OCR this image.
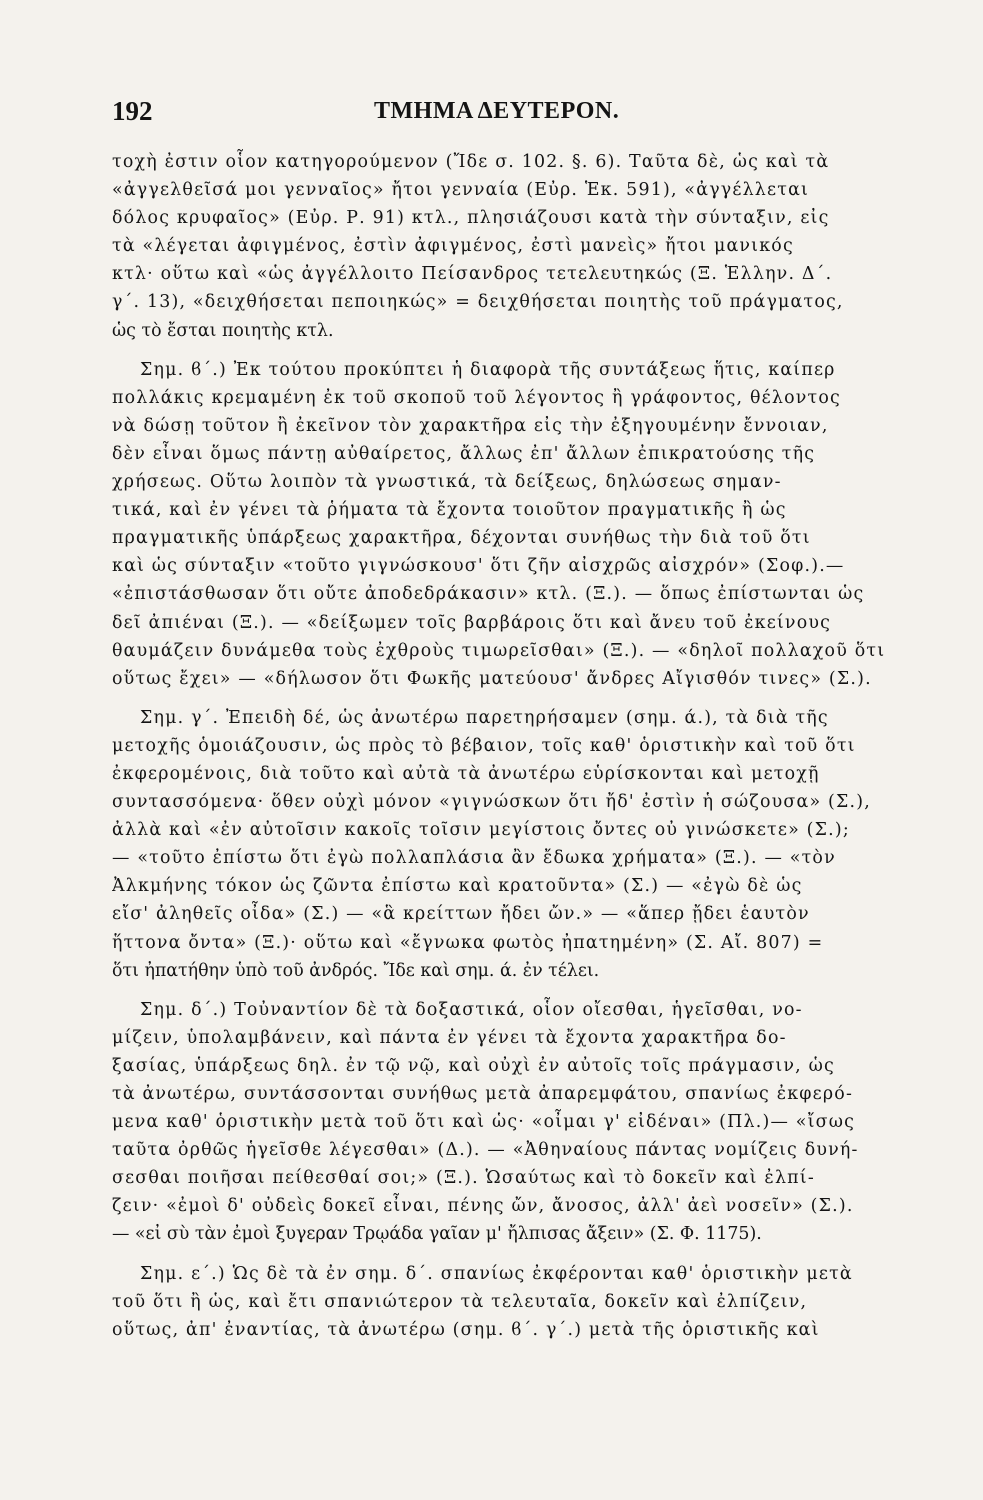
192	ΤΜΗΜΑ ΔΕΥΤΕΡΟΝ.
τοχὴ ἐστιν οἷον κατηγορούμενον (Ἴδε σ. 102. §. 6). Ταῦτα δὲ, ὡς καὶ τὰ
«ἀγγελθεῖσά μοι γενναῖος» ἤτοι γενναία (Εὐρ. Ἑκ. 591), «ἀγγέλλεται
δόλος κρυφαῖος» (Εὐρ. Ρ. 91) κτλ., πλησιάζουσι κατὰ τὴν σύνταξιν, εἰς
τὰ «λέγεται ἀφιγμένος, ἐστὶν ἀφιγμένος, ἐστὶ μανεὶς» ἤτοι μανικός
κτλ· οὕτω καὶ «ὡς ἀγγέλλοιτο Πείσανδρος τετελευτηκώς (Ξ. Ἑλλην. Δ΄.
γ΄. 13), «δειχθήσεται πεποιηκώς» = δειχθήσεται ποιητὴς τοῦ πράγματος,
ὡς τὸ ἔσται ποιητὴς κτλ.
Σημ. ϐ΄.) Ἐκ τούτου προκύπτει ἡ διαφορὰ τῆς συντάξεως ἥτις, καίπερ
πολλάκις κρεμαμένη ἐκ τοῦ σκοποῦ τοῦ λέγοντος ἢ γράφοντος, θέλοντος
νὰ δώσῃ τοῦτον ἢ ἐκεῖνον τὸν χαρακτῆρα εἰς τὴν ἐξηγουμένην ἔννοιαν,
δὲν εἶναι ὅμως πάντῃ αὐθαίρετος, ἄλλως ἐπ' ἄλλων ἐπικρατούσης τῆς
χρήσεως. Οὕτω λοιπὸν τὰ γνωστικά, τὰ δείξεως, δηλώσεως σημαν-
τικά, καὶ ἐν γένει τὰ ῥήματα τὰ ἔχοντα τοιοῦτον πραγματικῆς ἢ ὡς
πραγματικῆς ὑπάρξεως χαρακτῆρα, δέχονται συνήθως τὴν διὰ τοῦ ὅτι
καὶ ὡς σύνταξιν «τοῦτο γιγνώσκουσ' ὅτι ζῆν αἰσχρῶς αἰσχρόν» (Σοφ.).—
«ἐπιστάσθωσαν ὅτι οὔτε ἀποδεδράκασιν» κτλ. (Ξ.). — ὅπως ἐπίστωνται ὡς
δεῖ ἀπιέναι (Ξ.). — «δείξωμεν τοῖς βαρβάροις ὅτι καὶ ἄνευ τοῦ ἐκείνους
θαυμάζειν δυνάμεθα τοὺς ἐχθροὺς τιμωρεῖσθαι» (Ξ.). — «δηλοῖ πολλαχοῦ ὅτι
οὕτως ἔχει» — «δήλωσον ὅτι Φωκῆς ματεύουσ' ἄνδρες Αἴγισθόν τινες» (Σ.).
Σημ. γ΄. Ἐπειδὴ δέ, ὡς ἀνωτέρω παρετηρήσαμεν (σημ. ά.), τὰ διὰ τῆς
μετοχῆς ὁμοιάζουσιν, ὡς πρὸς τὸ βέβαιον, τοῖς καθ' ὁριστικὴν καὶ τοῦ ὅτι
ἐκφερομένοις, διὰ τοῦτο καὶ αὐτὰ τὰ ἀνωτέρω εὑρίσκονται καὶ μετοχῇ
συντασσόμενα· ὅθεν οὐχὶ μόνον «γιγνώσκων ὅτι ἤδ' ἐστὶν ἡ σώζουσα» (Σ.),
ἀλλὰ καὶ «ἐν αὐτοῖσιν κακοῖς τοῖσιν μεγίστοις ὄντες οὐ γινώσκετε» (Σ.);
— «τοῦτο ἐπίστω ὅτι ἐγὼ πολλαπλάσια ἂν ἔδωκα χρήματα» (Ξ.). — «τὸν
Ἀλκμήνης τόκον ὡς ζῶντα ἐπίστω καὶ κρατοῦντα» (Σ.) — «ἐγὼ δὲ ὡς
εἴσ' ἀληθεῖς οἶδα» (Σ.) — «ἃ κρείττων ἤδει ὤν.» — «ἅπερ ᾔδει ἑαυτὸν
ἥττονα ὄντα» (Ξ.)· οὕτω καὶ «ἔγνωκα φωτὸς ἠπατημένη» (Σ. Αἴ. 807) =
ὅτι ἠπατήθην ὑπὸ τοῦ ἀνδρός. Ἴδε καὶ σημ. ά. ἐν τέλει.
Σημ. δ΄.) Τοὐναντίον δὲ τὰ δοξαστικά, οἷον οἴεσθαι, ἡγεῖσθαι, νο-
μίζειν, ὑπολαμβάνειν, καὶ πάντα ἐν γένει τὰ ἔχοντα χαρακτῆρα δο-
ξασίας, ὑπάρξεως δηλ. ἐν τῷ νῷ, καὶ οὐχὶ ἐν αὐτοῖς τοῖς πράγμασιν, ὡς
τὰ ἀνωτέρω, συντάσσονται συνήθως μετὰ ἀπαρεμφάτου, σπανίως ἐκφερό-
μενα καθ' ὁριστικὴν μετὰ τοῦ ὅτι καὶ ὡς· «οἶμαι γ' εἰδέναι» (Πλ.)— «ἴσως
ταῦτα ὀρθῶς ἡγεῖσθε λέγεσθαι» (Δ.). — «Ἀθηναίους πάντας νομίζεις δυνή-
σεσθαι ποιῆσαι πείθεσθαί σοι;» (Ξ.). Ὡσαύτως καὶ τὸ δοκεῖν καὶ ἐλπί-
ζειν· «ἐμοὶ δ' οὐδεὶς δοκεῖ εἶναι, πένης ὤν, ἄνοσος, ἀλλ' ἀεὶ νοσεῖν» (Σ.).
— «εἰ σὺ τὰν ἐμοὶ ξυγεραν Τρῳάδα γαῖαν μ' ἤλπισας ἄξειν» (Σ. Φ. 1175).
Σημ. ε΄.) Ὡς δὲ τὰ ἐν σημ. δ΄. σπανίως ἐκφέρονται καθ' ὁριστικὴν μετὰ
τοῦ ὅτι ἢ ὡς, καὶ ἔτι σπανιώτερον τὰ τελευταῖα, δοκεῖν καὶ ἐλπίζειν,
οὕτως, ἀπ' ἐναντίας, τὰ ἀνωτέρω (σημ. ϐ΄. γ΄.) μετὰ τῆς ὁριστικῆς καὶ
